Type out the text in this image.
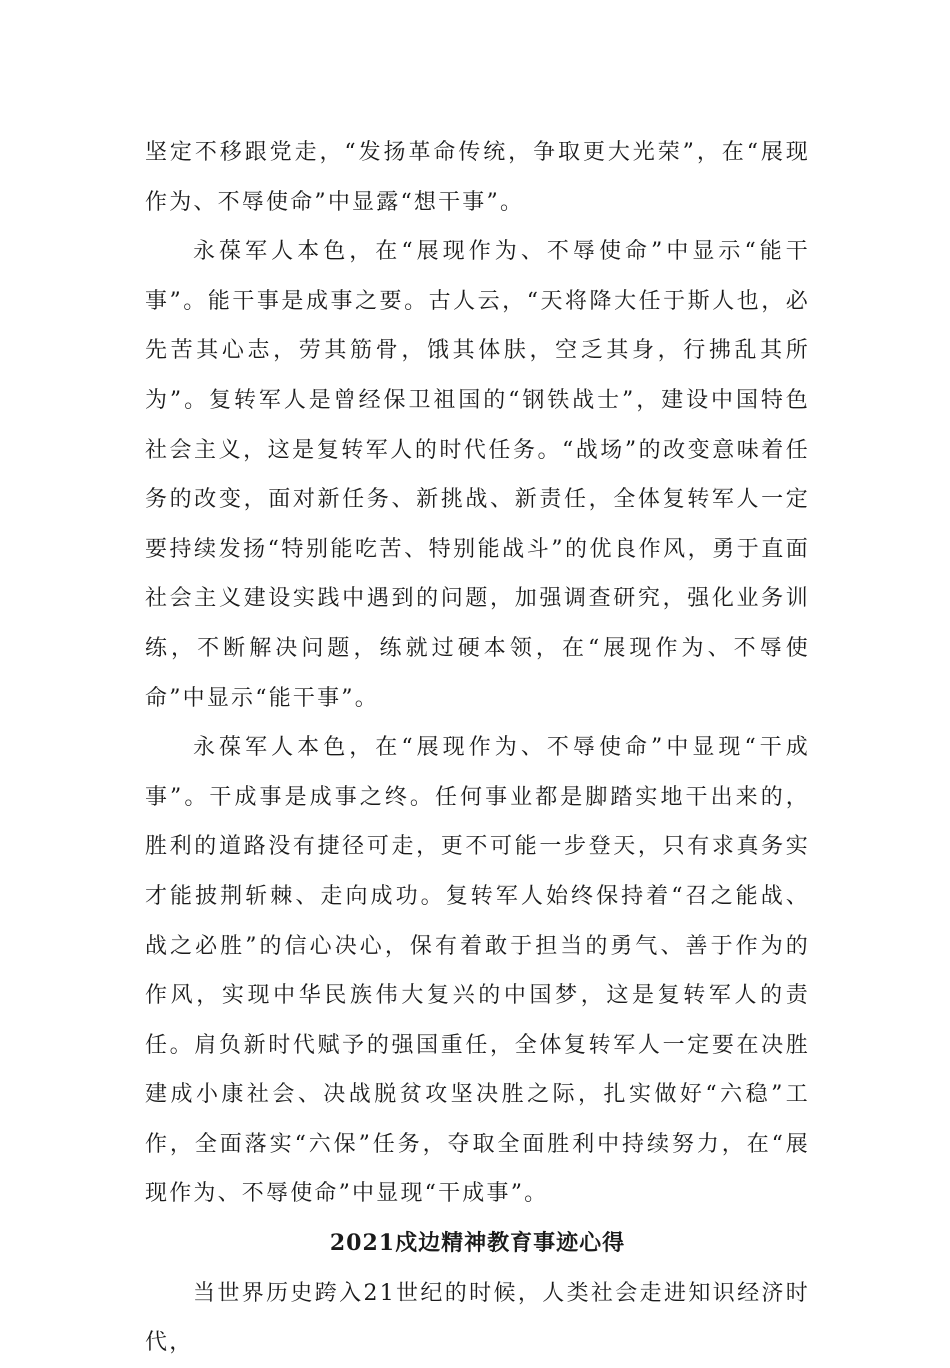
坚定不移跟党走，“发扬革命传统，争取更大光荣”，在“展现作为、不辱使命”中显露“想干事”。

永葆军人本色，在“展现作为、不辱使命”中显示“能干事”。能干事是成事之要。古人云，“天将降大任于斯人也，必先苦其心志，劳其筋骨，饿其体肤，空乏其身，行拂乱其所为”。复转军人是曾经保卫祖国的“钢铁战士”，建设中国特色社会主义，这是复转军人的时代任务。“战场”的改变意味着任务的改变，面对新任务、新挑战、新责任，全体复转军人一定要持续发扬“特别能吃苦、特别能战斗”的优良作风，勇于直面社会主义建设实践中遇到的问题，加强调查研究，强化业务训练，不断解决问题，练就过硬本领，在“展现作为、不辱使命”中显示“能干事”。

永葆军人本色，在“展现作为、不辱使命”中显现“干成事”。干成事是成事之终。任何事业都是脚踏实地干出来的，胜利的道路没有捷径可走，更不可能一步登天，只有求真务实才能披荆斩棘、走向成功。复转军人始终保持着“召之能战、战之必胜”的信心决心，保有着敢于担当的勇气、善于作为的作风，实现中华民族伟大复兴的中国梦，这是复转军人的责任。肩负新时代赋予的强国重任，全体复转军人一定要在决胜建成小康社会、决战脱贫攻坚决胜之际，扎实做好“六稳”工作，全面落实“六保”任务，夺取全面胜利中持续努力，在“展现作为、不辱使命”中显现“干成事”。

2021戍边精神教育事迹心得

当世界历史跨入21世纪的时候，人类社会走进知识经济时代，
